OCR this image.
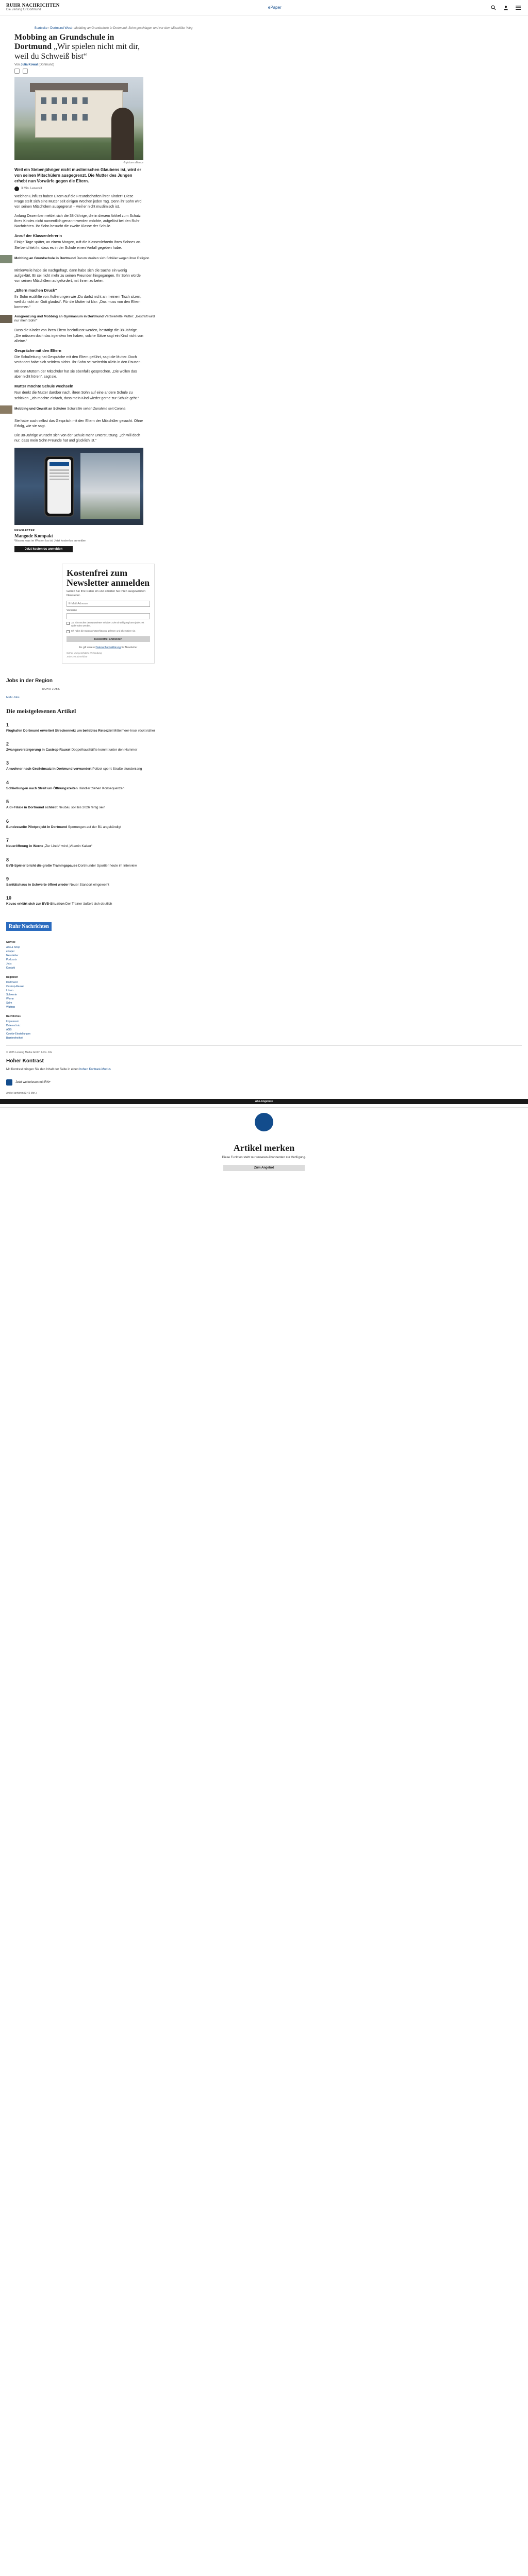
RUHR NACHRICHTEN
Die Zeitung für Dortmund
ePaper
Startseite › Dortmund West › Mobbing an Grundschule in Dortmund: Sohn geschlagen und vor dem Mitschüler Weg
Mobbing an Grundschule in Dortmund „Wir spielen nicht mit dir, weil du Schweiß bist“
Von Julia Kowal (Dortmund)
© picture alliance

Weil ein Siebenjähriger nicht muslimischen Glaubens ist, wird er von seinen Mitschülern ausgegrenzt. Die Mutter des Jungen erhebt nun Vorwürfe gegen die Eltern.

3 Min. Lesezeit

Welchen Einfluss haben Eltern auf die Freundschaften ihrer Kinder? Diese Frage stellt sich eine Mutter seit einigen Wochen jeden Tag. Denn ihr Sohn wird von seinen Mitschülern ausgegrenzt – weil er nicht muslimisch ist.

Anfang Dezember meldet sich die 38-Jährige, die in diesem Artikel zum Schutz ihres Kindes nicht namentlich genannt werden möchte, aufgelöst bei den Ruhr Nachrichten. Ihr Sohn besucht die zweite Klasse der Schule.

Anruf der Klassenlehrerin

Einige Tage später, an einem Morgen, ruft die Klassenlehrerin ihres Sohnes an. Sie berichtet ihr, dass es in der Schule einen Vorfall gegeben habe.

Mobbing an Grundschule in Dortmund Darum streiten sich Schüler wegen ihrer Religion

Mittlerweile habe sie nachgefragt, dann habe sich die Sache ein wenig aufgeklärt. Er sei nicht mehr zu seinen Freunden hingegangen. Ihr Sohn würde von seinen Mitschülern aufgefordert, mit ihnen zu beten.

„Eltern machen Druck“

Ihr Sohn erzählte von Äußerungen wie „Du darfst nicht an meinem Tisch sitzen, weil du nicht an Gott glaubst“. Für die Mutter ist klar: „Das muss von den Eltern kommen.“

Ausgrenzung und Mobbing an Gymnasium in Dortmund Verzweifelte Mutter: „Bestraft wird nur mein Sohn“

Dass die Kinder von ihren Eltern beeinflusst werden, bestätigt die 38-Jährige. „Die müssen doch das irgendwo her haben, solche Sätze sagt ein Kind nicht von alleine.“

Gespräche mit den Eltern

Die Schulleitung hat Gespräche mit den Eltern geführt, sagt die Mutter. Doch verändert habe sich seitdem nichts. Ihr Sohn sei weiterhin allein in den Pausen.

Mit den Müttern der Mitschüler hat sie ebenfalls gesprochen. „Die wollen das aber nicht hören“, sagt sie.

Mutter möchte Schule wechseln

Nun denkt die Mutter darüber nach, ihren Sohn auf eine andere Schule zu schicken. „Ich möchte einfach, dass mein Kind wieder gerne zur Schule geht.“

Mobbing und Gewalt an Schulen Schulträfe sehen Zunahme seit Corona

Sie habe auch selbst das Gespräch mit den Eltern der Mitschüler gesucht. Ohne Erfolg, wie sie sagt.

Die 38-Jährige wünscht sich von der Schule mehr Unterstützung. „Ich will doch nur, dass mein Sohn Freunde hat und glücklich ist.“

NEWSLETTER
Mangode Kompakt
Wissen, was im Westen los ist: Jetzt kostenlos anmelden
Jetzt kostenlos anmelden
Kostenfrei zum Newsletter anmelden

Geben Sie Ihre Daten ein und erhalten Sie Ihren ausgewählten Newsletter.

E-Mail-Adresse
Vorname
Ja, ich möchte den Newsletter erhalten. Die Einwilligung kann jederzeit widerrufen werden.
Ich habe die Datenschutzerklärung gelesen und akzeptiere sie.
Kostenfrei anmelden
Es gilt unsere Datenschutzerklärung für Newsletter
Sicher und geschützte Verbindung
Jederzeit abmeldbar
Jobs in der Region
RUHR JOBS
Mehr Jobs
Die meistgelesenen Artikel
1
Flughafen Dortmund erweitert Streckennetz um beliebtes Reiseziel Mittelmeer-Insel rückt näher
2
Zwangsversteigerung in Castrop-Rauxel Doppelhaushälfte kommt unter den Hammer
3
Anwohner nach Großeinsatz in Dortmund verwundert Polizei sperrt Straße stundenlang
4
Schließungen nach Streit um Öffnungszeiten Händler ziehen Konsequenzen
5
Aldi-Filiale in Dortmund schließt Neubau soll bis 2026 fertig sein
6
Bundesweite Pilotprojekt in Dortmund Sperrungen auf der B1 angekündigt
7
Neueröffnung in Werne „Zur Linde“ wird „Vitamin Kaiser“
8
BVB-Spieler bricht die große Trainingspause Dortmunder Sportler heute im Interview
9
Sanitätshaus in Schwerte öffnet wieder Neuer Standort eingeweiht
10
Kovac erklärt sich zur BVB-Situation Der Trainer äußert sich deutlich
Ruhr Nachrichten
Service
Abo & Shop
ePaper
Newsletter
Podcasts
Jobs
Kontakt
Regionen
Dortmund
Castrop-Rauxel
Lünen
Schwerte
Werne
Selm
Waltrop
Rechtliches
Impressum
Datenschutz
AGB
Cookie-Einstellungen
Barrierefreiheit
© 2025 Lensing Media GmbH & Co. KG
Hoher Kontrast
Mit Kontrast bringen Sie den Inhalt der Seite in einen hohen Kontrast-Modus
Jetzt weiterlesen mit RN+
Artikel anhören (3:42 Min.)
Abo-Angebote
Artikel merken

Diese Funktion steht nur unseren Abonnenten zur Verfügung.

Zum Angebot
